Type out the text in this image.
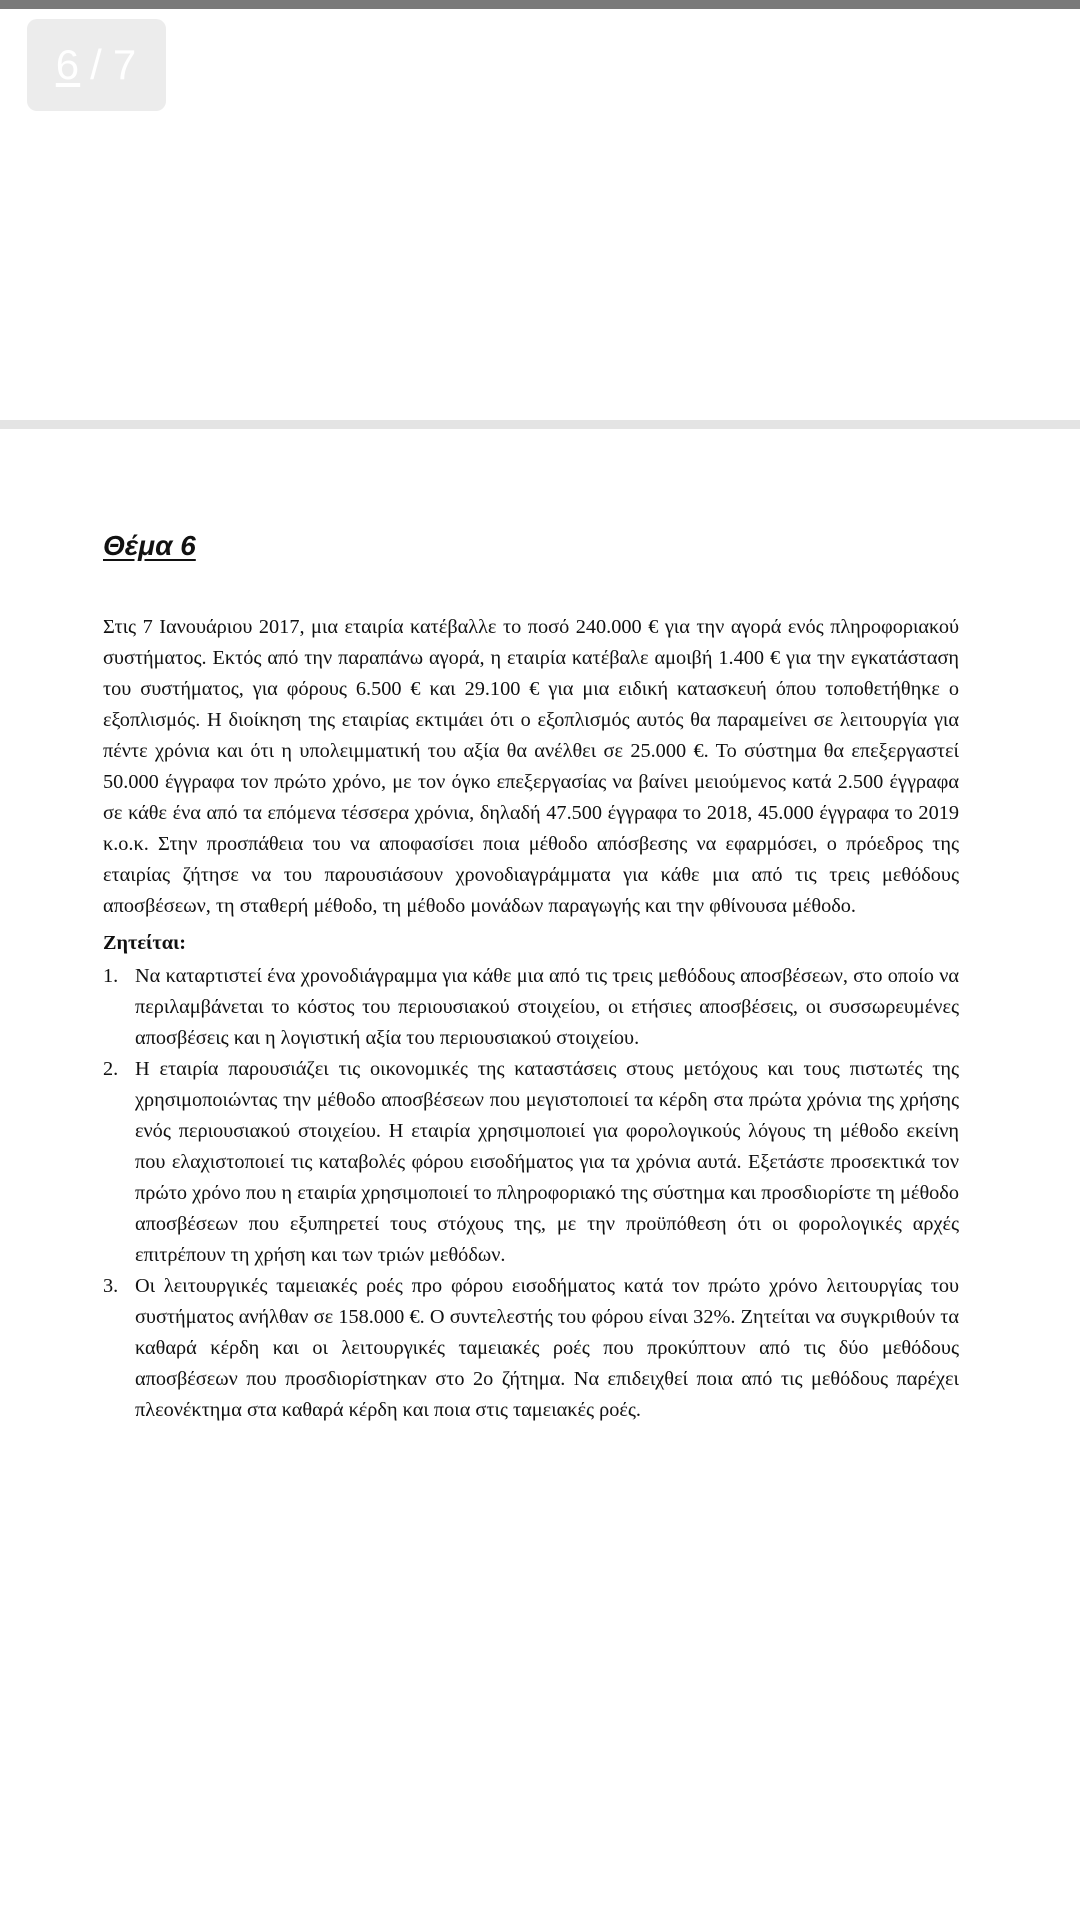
6 / 7
Θέμα 6

Στις 7 Ιανουάριου 2017, μια εταιρία κατέβαλλε το ποσό 240.000 € για την αγορά ενός πληροφοριακού συστήματος. Εκτός από την παραπάνω αγορά, η εταιρία κατέβαλε αμοιβή 1.400 € για την εγκατάσταση του συστήματος, για φόρους 6.500 € και 29.100 € για μια ειδική κατασκευή όπου τοποθετήθηκε ο εξοπλισμός. Η διοίκηση της εταιρίας εκτιμάει ότι ο εξοπλισμός αυτός θα παραμείνει σε λειτουργία για πέντε χρόνια και ότι η υπολειμματική του αξία θα ανέλθει σε 25.000 €. Το σύστημα θα επεξεργαστεί 50.000 έγγραφα τον πρώτο χρόνο, με τον όγκο επεξεργασίας να βαίνει μειούμενος κατά 2.500 έγγραφα σε κάθε ένα από τα επόμενα τέσσερα χρόνια, δηλαδή 47.500 έγγραφα το 2018, 45.000 έγγραφα το 2019 κ.ο.κ. Στην προσπάθεια του να αποφασίσει ποια μέθοδο απόσβεσης να εφαρμόσει, ο πρόεδρος της εταιρίας ζήτησε να του παρουσιάσουν χρονοδιαγράμματα για κάθε μια από τις τρεις μεθόδους αποσβέσεων, τη σταθερή μέθοδο, τη μέθοδο μονάδων παραγωγής και την φθίνουσα μέθοδο.

Ζητείται:
1. Να καταρτιστεί ένα χρονοδιάγραμμα για κάθε μια από τις τρεις μεθόδους αποσβέσεων, στο οποίο να περιλαμβάνεται το κόστος του περιουσιακού στοιχείου, οι ετήσιες αποσβέσεις, οι συσσωρευμένες αποσβέσεις και η λογιστική αξία του περιουσιακού στοιχείου.
2. Η εταιρία παρουσιάζει τις οικονομικές της καταστάσεις στους μετόχους και τους πιστωτές της χρησιμοποιώντας την μέθοδο αποσβέσεων που μεγιστοποιεί τα κέρδη στα πρώτα χρόνια της χρήσης ενός περιουσιακού στοιχείου. Η εταιρία χρησιμοποιεί για φορολογικούς λόγους τη μέθοδο εκείνη που ελαχιστοποιεί τις καταβολές φόρου εισοδήματος για τα χρόνια αυτά. Εξετάστε προσεκτικά τον πρώτο χρόνο που η εταιρία χρησιμοποιεί το πληροφοριακό της σύστημα και προσδιορίστε τη μέθοδο αποσβέσεων που εξυπηρετεί τους στόχους της, με την προϋπόθεση ότι οι φορολογικές αρχές επιτρέπουν τη χρήση και των τριών μεθόδων.
3. Οι λειτουργικές ταμειακές ροές προ φόρου εισοδήματος κατά τον πρώτο χρόνο λειτουργίας του συστήματος ανήλθαν σε 158.000 €. Ο συντελεστής του φόρου είναι 32%. Ζητείται να συγκριθούν τα καθαρά κέρδη και οι λειτουργικές ταμειακές ροές που προκύπτουν από τις δύο μεθόδους αποσβέσεων που προσδιορίστηκαν στο 2ο ζήτημα. Να επιδειχθεί ποια από τις μεθόδους παρέχει πλεονέκτημα στα καθαρά κέρδη και ποια στις ταμειακές ροές.
